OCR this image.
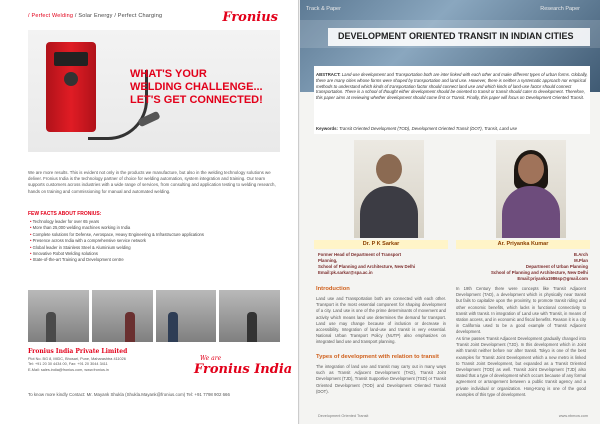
/ Perfect Welding / Solar Energy / Perfect Charging	Fronius
WHAT'S YOUR
WELDING CHALLENGE...
LET'S GET CONNECTED!

We are more results. This is evident not only in the products we manufacture, but also in the welding technology solutions we deliver. Fronius India is the technology partner of choice for welding automation, system integration and training. Our team supports customers across industries with a wide range of services, from consulting and application testing to welding research, hands on training and commissioning for manual and automated welding.

FEW FACTS ABOUT FRONIUS:
• Technology leader for over 65 years
• More than 25,000 welding machines working in India
• Complete solutions for Defense, Aerospace, Heavy Engineering & Infrastructure applications
• Presence across India with a comprehensive service network
• Global leader in Stainless Steel & Aluminium welding
• Innovative Robot Welding solutions
• State-of-the-art Training and Development centre
Fronius India Private Limited
Plot No. BG 8, MIDC, Bhosari, Pune, Maharashtra 411026
Tel: +91 20 30 4434 00, Fax: +91 20 3044 3411
E-Mail: sales.india@fronius.com, www.fronius.in
We are
Fronius India
To know more kindly Contact: Mr. Mayank Shukla (Shukla.Mayank@fronius.com) Tel: +91 7798 902 666
Track & Paper	Research Paper
DEVELOPMENT ORIENTED TRANSIT IN INDIAN CITIES

ABSTRACT: Land-use development and Transportation both are inter linked with each other and make different types of urban forms. Globally, there are many cities whose forms were shaped by transportation and land use. However, there is neither a systematic approach nor empirical methods to understand which kinds of transportation factor should connect land use and which kinds of land-use factor should connect transportation. There is a school of thought either development should be oriented to transit or transit should cater to development. Therefore, this paper aims at reviewing whether development should come first or Transit. Finally, this paper will focus on Development Oriented Transit.

Keywords: Transit Oriented Development (TOD), Development Oriented Transit (DOT), Transit, Land use

Dr. P K Sarkar	Ar. Priyanka Kumar
Former Head of Department of Transport
Planning,
School of Planning and Architecture, New Delhi
Email:pk.sarkar@spa.ac.in
B.Arch
M.Plan
Department of Urban Planning
School of Planning and Architecture, New Delhi
Email:priyanka1986sp@gmail.com
Introduction

Land use and Transportation both are connected with each other. Transport is the most essential component for shaping development of a city. Land use is one of the prime determinants of movement and activity which means land use determines the demand for transport. Land use may change because of inclusion or decrease in accessibility. Integration of land-use and transit is very essential. National Urban Transport Policy (NUTP) also emphasizes on integrated land use and transport planning.

Types of development with relation to transit

The integration of land use and transit may carry out in many ways such as Transit Adjacent Development (TAD), Transit Joint Development (TJD), Transit Supportive Development (TSD) or Transit Oriented Development (TOD) and Development Oriented Transit (DOT).

In 19th Century there were concepts like Transit Adjacent Development (TAD), a development which is physically near transit but fails to capitalize upon the proximity, to promote transit riding and other economic benefits, which lacks in functional connectivity to transit with transit. In integration of Land use with Transit, in means of station access, and in economic and fiscal benefits. Reason it is a city in California used to be a good example of Transit Adjacent development.

As time passes Transit Adjacent Development gradually changed into Transit Joint Development (TJD). In this development which in Joint with transit neither before nor after transit. Tokyo is one of the best examples for Transit Joint Development which a new metro is linked to Transit Joint Development, but expanded as a Transit Oriented Development (TOD) as well. Transit Joint Development (TJD) also stated that a type of development which occurs because of any formal agreement or arrangement between a public transit agency and a private individual or organization. Hong-Kong is one of the good examples of this type of development.

Development Oriented Transit	www.nbmcw.com
